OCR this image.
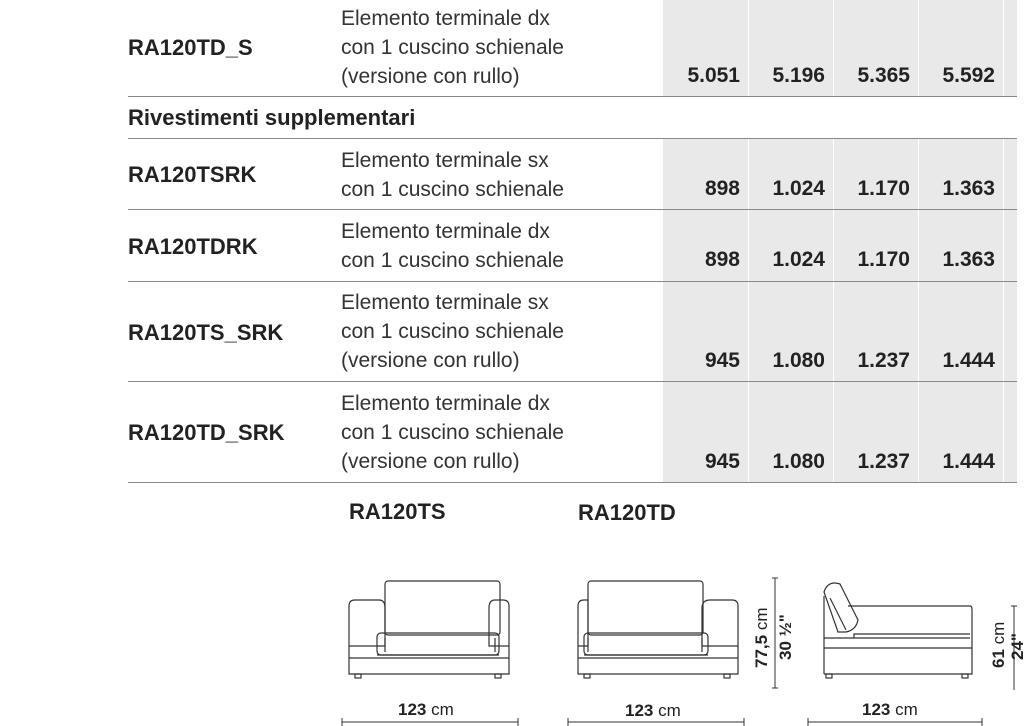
RA120TD_S
Elemento terminale dx
con 1 cuscino schienale
(versione con rullo)	5.051	5.196	5.365	5.592
Rivestimenti supplementari
RA120TSRK
Elemento terminale sx
con 1 cuscino schienale	898	1.024	1.170	1.363
RA120TDRK
Elemento terminale dx
con 1 cuscino schienale	898	1.024	1.170	1.363
RA120TS_SRK
Elemento terminale sx
con 1 cuscino schienale
(versione con rullo)	945	1.080	1.237	1.444
RA120TD_SRK
Elemento terminale dx
con 1 cuscino schienale
(versione con rullo)	945	1.080	1.237	1.444
RA120TS	RA120TD
77,5 cm 30 ½"	61 cm
24"
123 cm	123 cm	123 cm
